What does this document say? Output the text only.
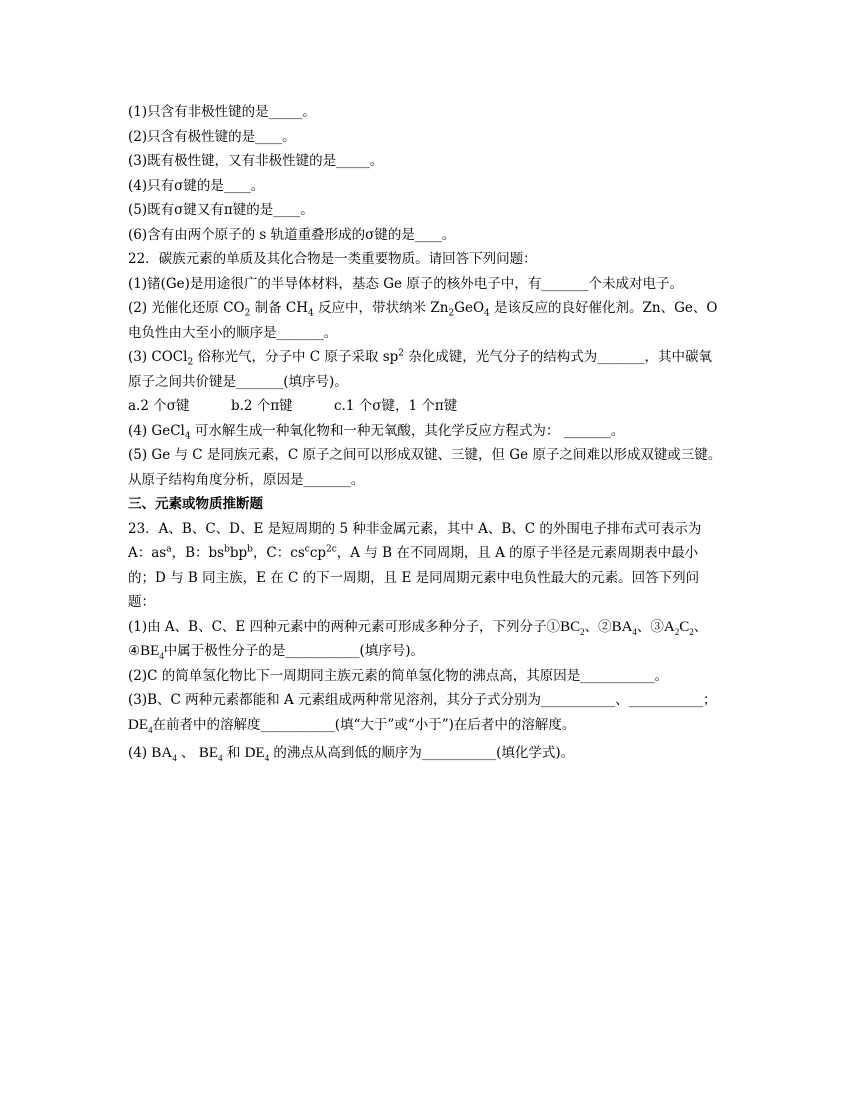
(1)只含有非极性键的是_____。
(2)只含有极性键的是____。
(3)既有极性键，又有非极性键的是_____。
(4)只有σ键的是____。
(5)既有σ键又有π键的是____。
(6)含有由两个原子的 s 轨道重叠形成的σ键的是____。
22．碳族元素的单质及其化合物是一类重要物质。请回答下列问题：
(1)锗(Ge)是用途很广的半导体材料，基态 Ge 原子的核外电子中，有_______个未成对电子。
(2) 光催化还原 $CO_2$ 制备 $CH_4$ 反应中，带状纳米 $Zn_2GeO_4$ 是该反应的良好催化剂。Zn、Ge、O
电负性由大至小的顺序是_______。
(3) COCl$_2$ 俗称光气，分子中 C 原子采取 $sp^2$ 杂化成键，光气分子的结构式为_______，其中碳氧
原子之间共价键是_______(填序号)。
a.2 个σ键	b.2 个π键	c.1 个σ键，1 个π键
(4) GeCl$_4$ 可水解生成一种氧化物和一种无氧酸，其化学反应方程式为： _______。
(5) Ge 与 C 是同族元素，C 原子之间可以形成双键、三键，但 Ge 原子之间难以形成双键或三键。
从原子结构角度分析，原因是_______。
三、元素或物质推断题
23．A、B、C、D、E 是短周期的 5 种非金属元素，其中 A、B、C 的外围电子排布式可表示为
A：$as^a$，B：$bs^bbp^b$，C：$cs^ccp^{2c}$，A 与 B 在不同周期，且 A 的原子半径是元素周期表中最小
的；D 与 B 同主族，E 在 C 的下一周期，且 E 是同周期元素中电负性最大的元素。回答下列问
题：
(1)由 A、B、C、E 四种元素中的两种元素可形成多种分子，下列分子$①BC_2$、$②BA_4$、$③A_2C_2$、
$④BE_4$中属于极性分子的是___________(填序号)。
(2)C 的简单氢化物比下一周期同主族元素的简单氢化物的沸点高，其原因是___________。
(3)B、C 两种元素都能和 A 元素组成两种常见溶剂，其分子式分别为___________、___________；
$DE_4$在前者中的溶解度___________(填“大于”或“小于”)在后者中的溶解度。
(4) $BA_4$ 、 $BE_4$ 和 $DE_4$ 的沸点从高到低的顺序为___________(填化学式)。
